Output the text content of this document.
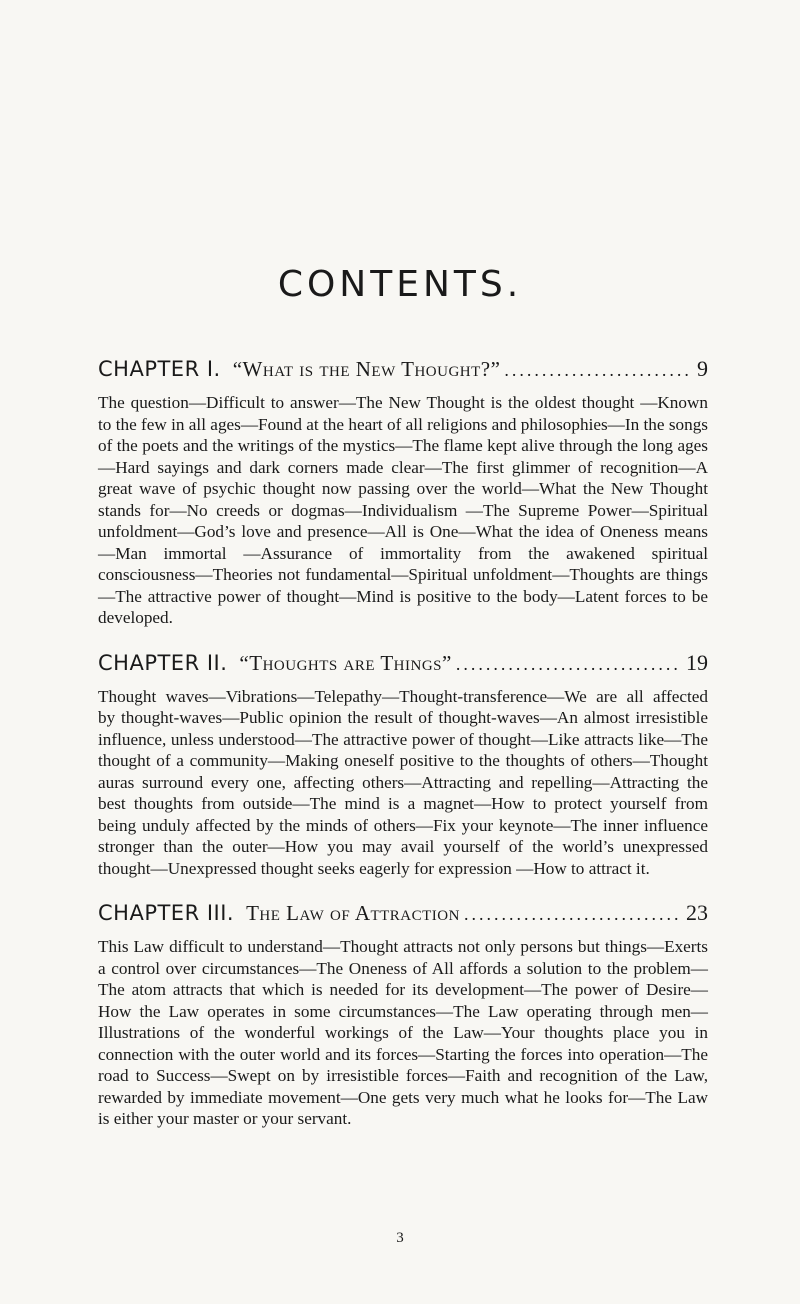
CONTENTS.
CHAPTER I. “What is the New Thought?” .....	9
The question—Difficult to answer—The New Thought is the oldest thought —Known to the few in all ages—Found at the heart of all religions and philosophies—In the songs of the poets and the writings of the mystics—The flame kept alive through the long ages—Hard sayings and dark corners made clear—The first glimmer of recognition—A great wave of psychic thought now passing over the world—What the New Thought stands for—No creeds or dogmas—Individualism —The Supreme Power—Spiritual unfoldment—God’s love and presence—All is One—What the idea of Oneness means—Man immortal —Assurance of immortality from the awakened spiritual consciousness—Theories not fundamental—Spiritual unfoldment—Thoughts are things—The attractive power of thought—Mind is positive to the body—Latent forces to be developed.
CHAPTER II. “Thoughts are Things” .....	19
Thought waves—Vibrations—Telepathy—Thought-transference—We are all affected by thought-waves—Public opinion the result of thought-waves—An almost irresistible influence, unless understood—The attractive power of thought—Like attracts like—The thought of a community—Making oneself positive to the thoughts of others—Thought auras surround every one, affecting others—Attracting and repelling—Attracting the best thoughts from outside—The mind is a magnet—How to protect yourself from being unduly affected by the minds of others—Fix your keynote—The inner influence stronger than the outer—How you may avail yourself of the world’s unexpressed thought—Unexpressed thought seeks eagerly for expression —How to attract it.
CHAPTER III. The Law of Attraction .....	23
This Law difficult to understand—Thought attracts not only persons but things—Exerts a control over circumstances—The Oneness of All affords a solution to the problem—The atom attracts that which is needed for its development—The power of Desire—How the Law operates in some circumstances—The Law operating through men—Illustrations of the wonderful workings of the Law—Your thoughts place you in connection with the outer world and its forces—Starting the forces into operation—The road to Success—Swept on by irresistible forces—Faith and recognition of the Law, rewarded by immediate movement—One gets very much what he looks for—The Law is either your master or your servant.
3
